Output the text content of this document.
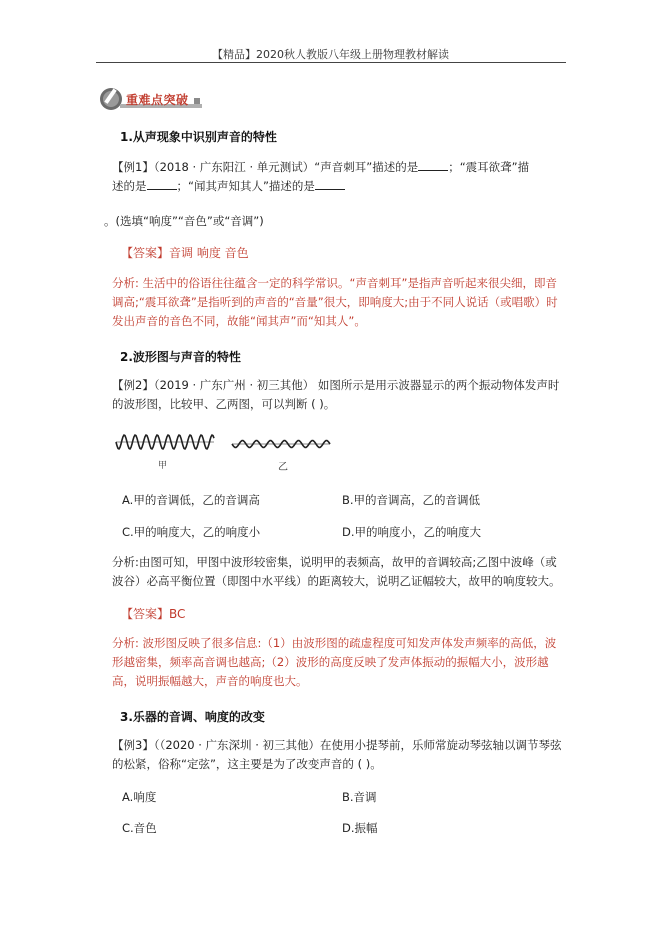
【精品】2020秋人教版八年级上册物理教材解读
重难点突破
1.从声现象中识别声音的特性
【例1】（2018 · 广东阳江 · 单元测试）“声音刺耳”描述的是	；“震耳欲聋”描
述的是	；“闻其声知其人”描述的是
。(选填“响度”“音色”或“音调”)
【答案】音调 响度 音色
分析: 生活中的俗语往往蕴含一定的科学常识。“声音刺耳”是指声音听起来很尖细，即音调高;“震耳欲聋”是指听到的声音的“音量”很大，即响度大;由于不同人说话（或唱歌）时发出声音的音色不同，故能“闻其声”而“知其人”。
2.波形图与声音的特性
【例2】（2019 · 广东广州 · 初三其他） 如图所示是用示波器显示的两个振动物体发声时的波形图，比较甲、乙两图，可以判断 ( )。
甲	乙
A.甲的音调低，乙的音调高	B.甲的音调高，乙的音调低
C.甲的响度大，乙的响度小	D.甲的响度小，乙的响度大
分析:由图可知，甲图中波形较密集，说明甲的表频高，故甲的音调较高;乙图中波峰（或波谷）必高平衡位置（即图中水平线）的距离较大，说明乙证幅较大，故甲的响度较大。
【答案】BC
分析: 波形图反映了很多信息:（1）由波形图的疏虚程度可知发声体发声频率的高低，波形越密集，频率高音调也越高;（2）波形的高度反映了发声体振动的振幅大小，波形越高，说明振幅越大，声音的响度也大。
3.乐器的音调、响度的改变
【例3】（（2020 · 广东深圳 · 初三其他）在使用小提琴前，乐师常旋动琴弦轴以调节琴弦的松紧，俗称“定弦”，这主要是为了改变声音的 ( )。
A.响度	B.音调
C.音色	D.振幅
